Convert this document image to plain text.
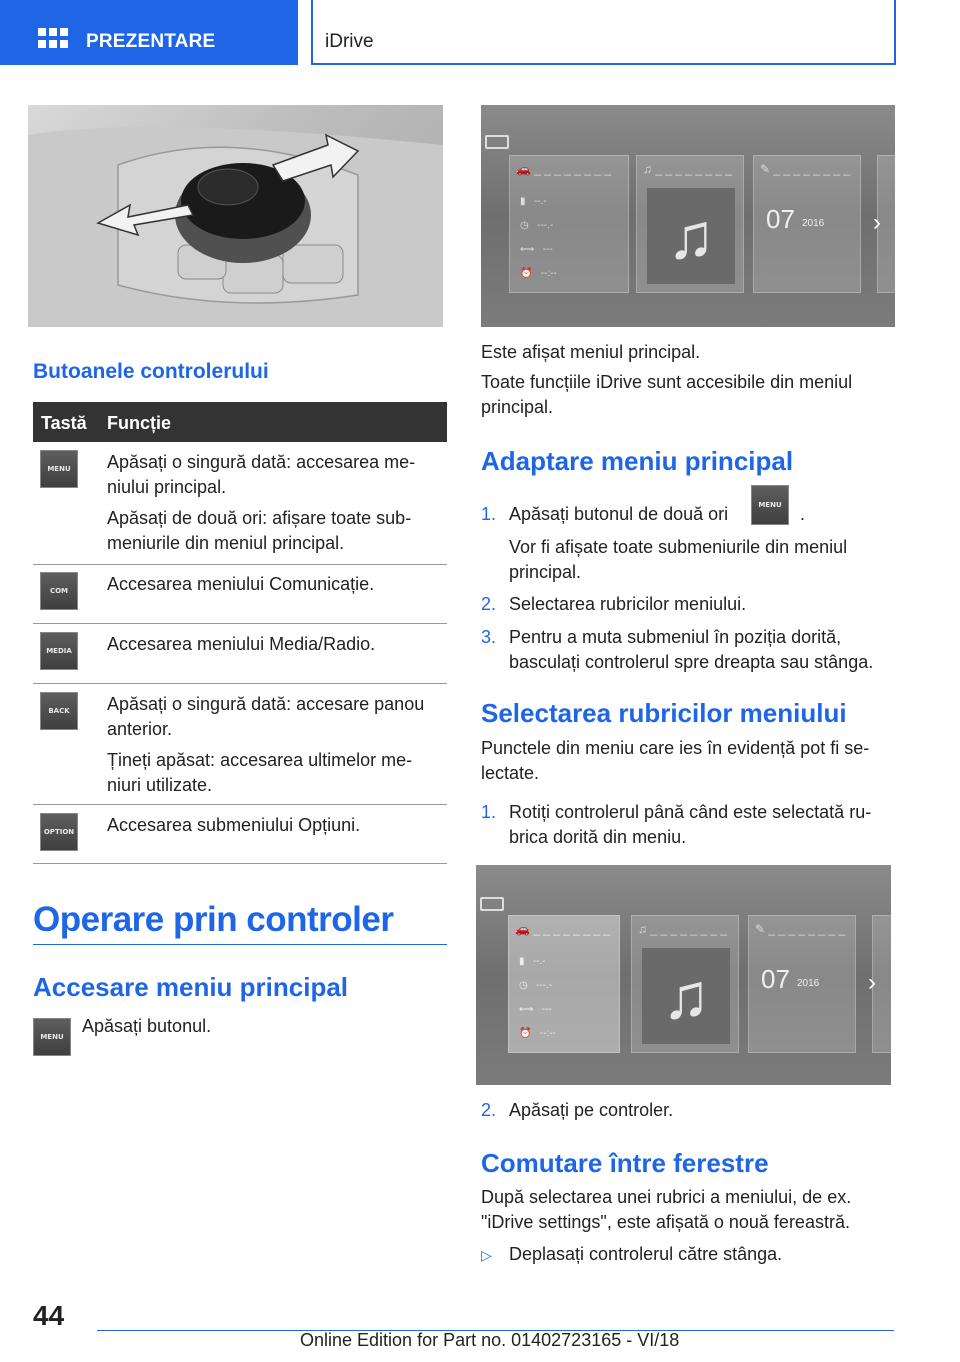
PREZENTARE	iDrive
Butoanele controlerului
Tastă Funcție
MENU	Apăsați o singură dată: accesarea me-
niului principal.
Apăsați de două ori: afișare toate sub-
meniurile din meniul principal.
COM	Accesarea meniului Comunicație.
MEDIA	Accesarea meniului Media/Radio.
BACK	Apăsați o singură dată: accesare panou
anterior.
Țineți apăsat: accesarea ultimelor me-
niuri utilizate.
OPTION Accesarea submeniului Opțiuni.
Operare prin controler
Accesare meniu principal
MENU
Apăsați butonul.
🚗 _ _ _ _ _ _ _ _
▮   --.-
◷   ---.-
⟷   ---
⏰   --:--
♫ _ _ _ _ _ _ _ _
♫
✎ _ _ _ _ _ _ _ _
07 2016 ›
Este afișat meniul principal.
Toate funcțiile iDrive sunt accesibile din meniul
principal.
Adaptare meniu principal
1. Apăsați butonul de două ori	MENU	.
Vor fi afișate toate submeniurile din meniul
principal.
2. Selectarea rubricilor meniului.
3. Pentru a muta submeniul în poziția dorită,
basculați controlerul spre dreapta sau stânga.
Selectarea rubricilor meniului
Punctele din meniu care ies în evidență pot fi se-
lectate.
1. Rotiți controlerul până când este selectată ru-
brica dorită din meniu.
🚗 _ _ _ _ _ _ _ _
▮   --.-
◷   ---.-
⟷   ---
⏰   --:--
♫ _ _ _ _ _ _ _ _
♫
✎ _ _ _ _ _ _ _ _
07 2016 ›
2. Apăsați pe controler.
Comutare între ferestre
După selectarea unei rubrici a meniului, de ex.
"iDrive settings", este afișată o nouă fereastră.
▷ Deplasați controlerul către stânga.
44
Online Edition for Part no. 01402723165 - VI/18
